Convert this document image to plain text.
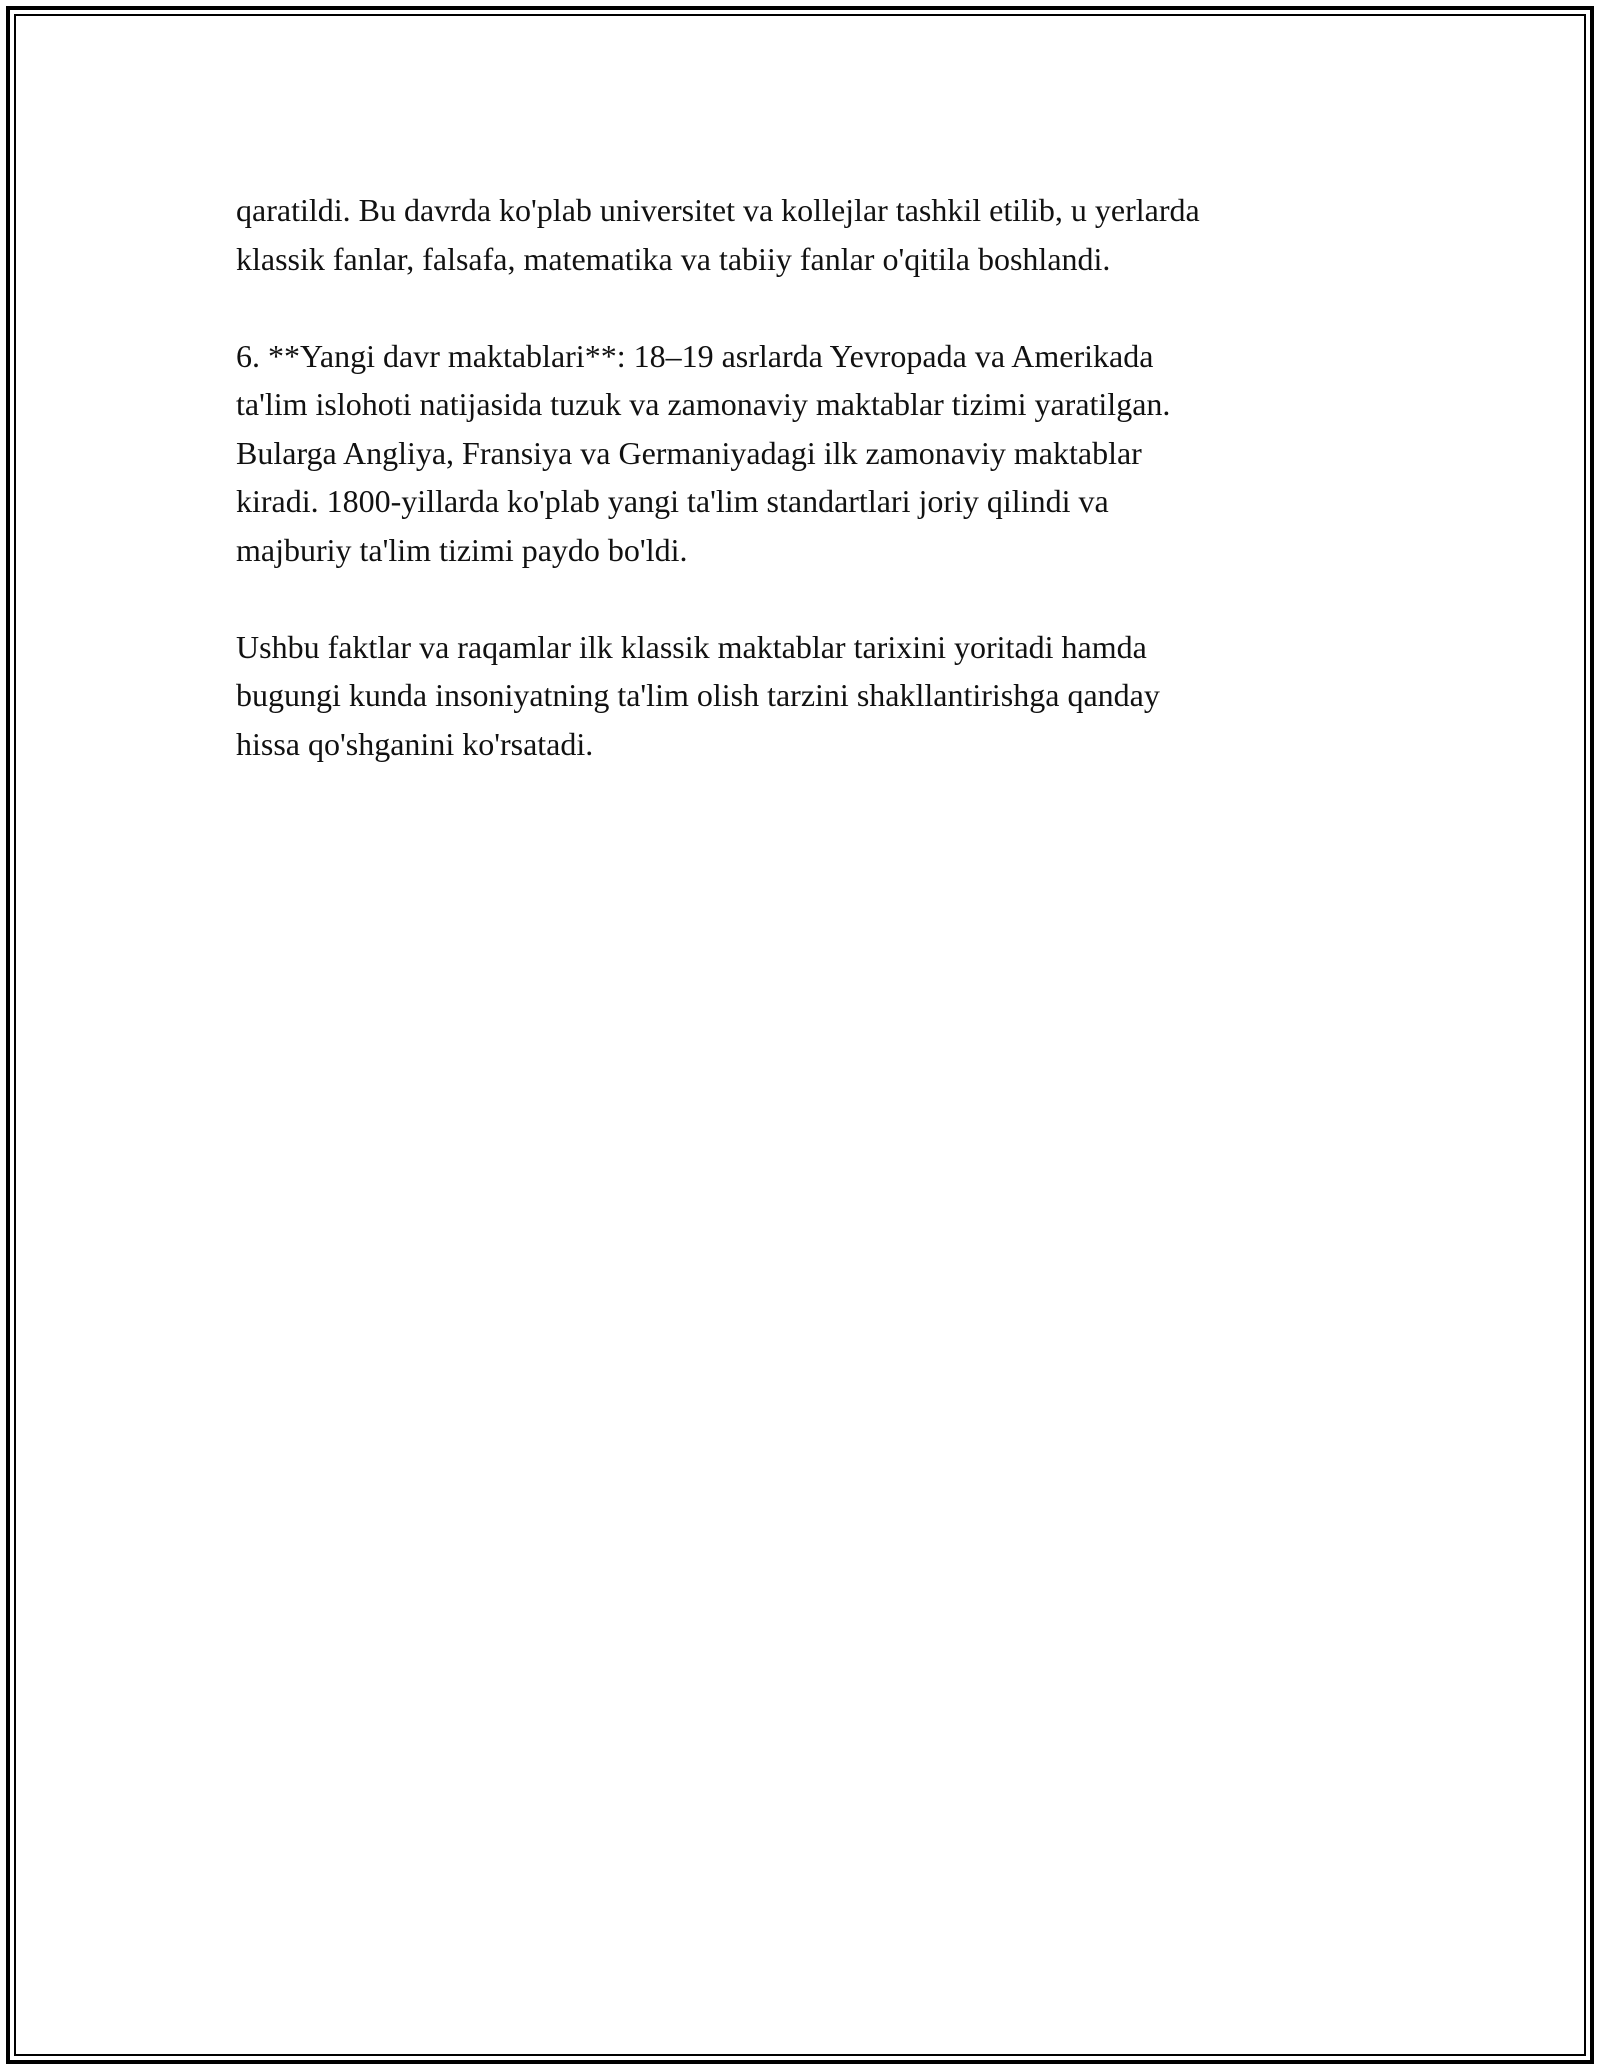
qaratildi. Bu davrda ko'plab universitet va kollejlar tashkil etilib, u yerlarda
klassik fanlar, falsafa, matematika va tabiiy fanlar o'qitila boshlandi.

6. **Yangi davr maktablari**: 18–19 asrlarda Yevropada va Amerikada
ta'lim islohoti natijasida tuzuk va zamonaviy maktablar tizimi yaratilgan.
Bularga Angliya, Fransiya va Germaniyadagi ilk zamonaviy maktablar
kiradi. 1800-yillarda ko'plab yangi ta'lim standartlari joriy qilindi va
majburiy ta'lim tizimi paydo bo'ldi.

Ushbu faktlar va raqamlar ilk klassik maktablar tarixini yoritadi hamda
bugungi kunda insoniyatning ta'lim olish tarzini shakllantirishga qanday
hissa qo'shganini ko'rsatadi.
